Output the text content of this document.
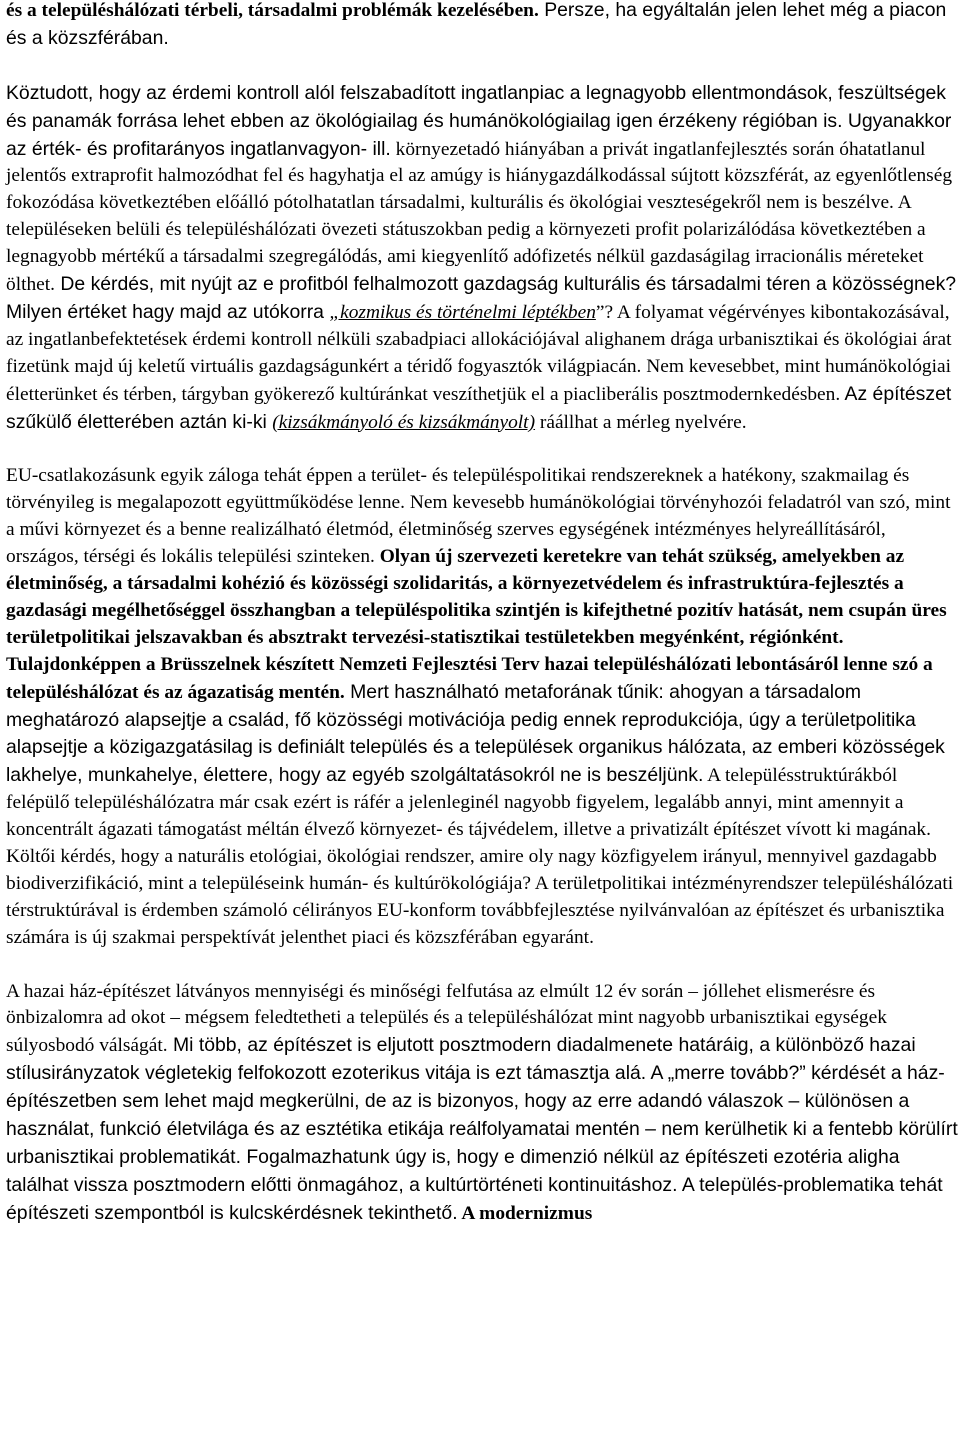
és a településhálózati térbeli, társadalmi problémák kezelésében. Persze, ha egyáltalán jelen lehet még a piacon és a közszférában.

Köztudott, hogy az érdemi kontroll alól felszabadított ingatlanpiac a legnagyobb ellentmondások, feszültségek és panamák forrása lehet ebben az ökológiailag és humánökológiailag igen érzékeny régióban is. Ugyanakkor az érték- és profitarányos ingatlanvagyon- ill. környezetadó hiányában a privát ingatlanfejlesztés során óhatatlanul jelentős extraprofit halmozódhat fel és hagyhatja el az amúgy is hiánygazdálkodással sújtott közszférát, az egyenlőtlenség fokozódása következtében előálló pótolhatatlan társadalmi, kulturális és ökológiai veszteségekről nem is beszélve. A településeken belüli és településhálózati övezeti státuszokban pedig a környezeti profit polarizálódása következtében a legnagyobb mértékű a társadalmi szegregálódás, ami kiegyenlítő adófizetés nélkül gazdaságilag irracionális méreteket ölthet. De kérdés, mit nyújt az e profitból felhalmozott gazdagság kulturális és társadalmi téren a közösségnek? Milyen értéket hagy majd az utókorra „kozmikus és történelmi léptékben”? A folyamat végérvényes kibontakozásával, az ingatlanbefektetések érdemi kontroll nélküli szabadpiaci allokációjával alighanem drága urbanisztikai és ökológiai árat fizetünk majd új keletű virtuális gazdagságunkért a téridő fogyasztók világpiacán. Nem kevesebbet, mint humánökológiai életterünket és térben, tárgyban gyökerező kultúránkat veszíthetjük el a piacliberális posztmodernkedésben. Az építészet szűkülő életterében aztán ki-ki (kizsákmányoló és kizsákmányolt) ráállhat a mérleg nyelvére.

EU-csatlakozásunk egyik záloga tehát éppen a terület- és településpolitikai rendszereknek a hatékony, szakmailag és törvényileg is megalapozott együttműködése lenne. Nem kevesebb humánökológiai törvényhozói feladatról van szó, mint a művi környezet és a benne realizálható életmód, életminőség szerves egységének intézményes helyreállításáról, országos, térségi és lokális települési szinteken. Olyan új szervezeti keretekre van tehát szükség, amelyekben az életminőség, a társadalmi kohézió és közösségi szolidaritás, a környezetvédelem és infrastruktúra-fejlesztés a gazdasági megélhetőséggel összhangban a településpolitika szintjén is kifejthetné pozitív hatását, nem csupán üres területpolitikai jelszavakban és absztrakt tervezési-statisztikai testületekben megyénként, régiónként. Tulajdonképpen a Brüsszelnek készített Nemzeti Fejlesztési Terv hazai településhálózati lebontásáról lenne szó a településhálózat és az ágazatiság mentén. Mert használható metaforának tűnik: ahogyan a társadalom meghatározó alapsejtje a család, fő közösségi motivációja pedig ennek reprodukciója, úgy a területpolitika alapsejtje a közigazgatásilag is definiált település és a települések organikus hálózata, az emberi közösségek lakhelye, munkahelye, élettere, hogy az egyéb szolgáltatásokról ne is beszéljünk. A településstruktúrákból felépülő településhálózatra már csak ezért is ráfér a jelenleginél nagyobb figyelem, legalább annyi, mint amennyit a koncentrált ágazati támogatást méltán élvező környezet- és tájvédelem, illetve a privatizált építészet vívott ki magának. Költői kérdés, hogy a naturális etológiai, ökológiai rendszer, amire oly nagy közfigyelem irányul, mennyivel gazdagabb biodiverzifikáció, mint a településeink humán- és kultúrökológiája? A területpolitikai intézményrendszer településhálózati térstruktúrával is érdemben számoló célirányos EU-konform továbbfejlesztése nyilvánvalóan az építészet és urbanisztika számára is új szakmai perspektívát jelenthet piaci és közszférában egyaránt.

A hazai ház-építészet látványos mennyiségi és minőségi felfutása az elmúlt 12 év során – jóllehet elismerésre és önbizalomra ad okot – mégsem feledtetheti a település és a településhálózat mint nagyobb urbanisztikai egységek súlyosbodó válságát. Mi több, az építészet is eljutott posztmodern diadalmenete határáig, a különböző hazai stílusirányzatok végletekig felfokozott ezoterikus vitája is ezt támasztja alá. A „merre tovább?” kérdését a ház-építészetben sem lehet majd megkerülni, de az is bizonyos, hogy az erre adandó válaszok – különösen a használat, funkció életvilága és az esztétika etikája reálfolyamatai mentén – nem kerülhetik ki a fentebb körülírt urbanisztikai problematikát. Fogalmazhatunk úgy is, hogy e dimenzió nélkül az építészeti ezotéria aligha találhat vissza posztmodern előtti önmagához, a kultúrtörténeti kontinuitáshoz. A település-problematika tehát építészeti szempontból is kulcskérdésnek tekinthető. A modernizmus
